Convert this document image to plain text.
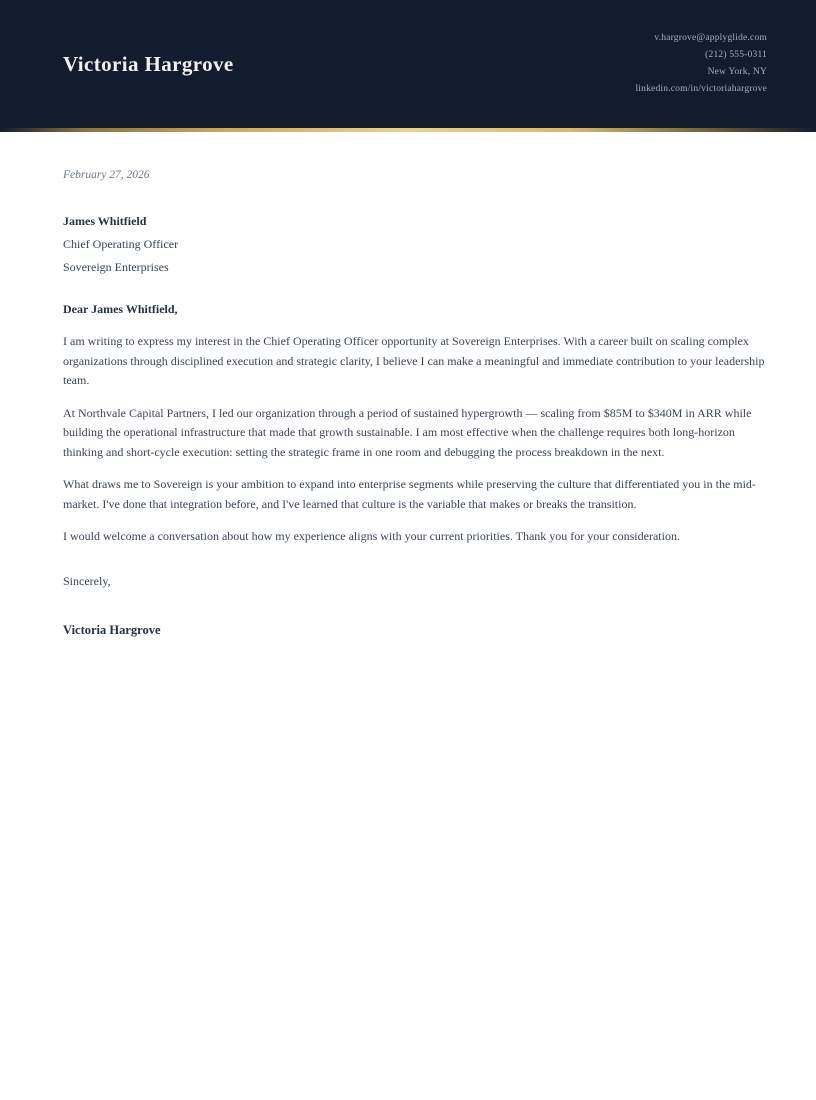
Victoria Hargrove
v.hargrove@applyglide.com
(212) 555-0311
New York, NY
linkedin.com/in/victoriahargrove

February 27, 2026

James Whitfield

Chief Operating Officer

Sovereign Enterprises

Dear James Whitfield,

I am writing to express my interest in the Chief Operating Officer opportunity at Sovereign Enterprises. With a career built on scaling complex organizations through disciplined execution and strategic clarity, I believe I can make a meaningful and immediate contribution to your leadership team.

At Northvale Capital Partners, I led our organization through a period of sustained hypergrowth — scaling from $85M to $340M in ARR while building the operational infrastructure that made that growth sustainable. I am most effective when the challenge requires both long-horizon thinking and short-cycle execution: setting the strategic frame in one room and debugging the process breakdown in the next.

What draws me to Sovereign is your ambition to expand into enterprise segments while preserving the culture that differentiated you in the mid-market. I've done that integration before, and I've learned that culture is the variable that makes or breaks the transition.

I would welcome a conversation about how my experience aligns with your current priorities. Thank you for your consideration.

Sincerely,

Victoria Hargrove
